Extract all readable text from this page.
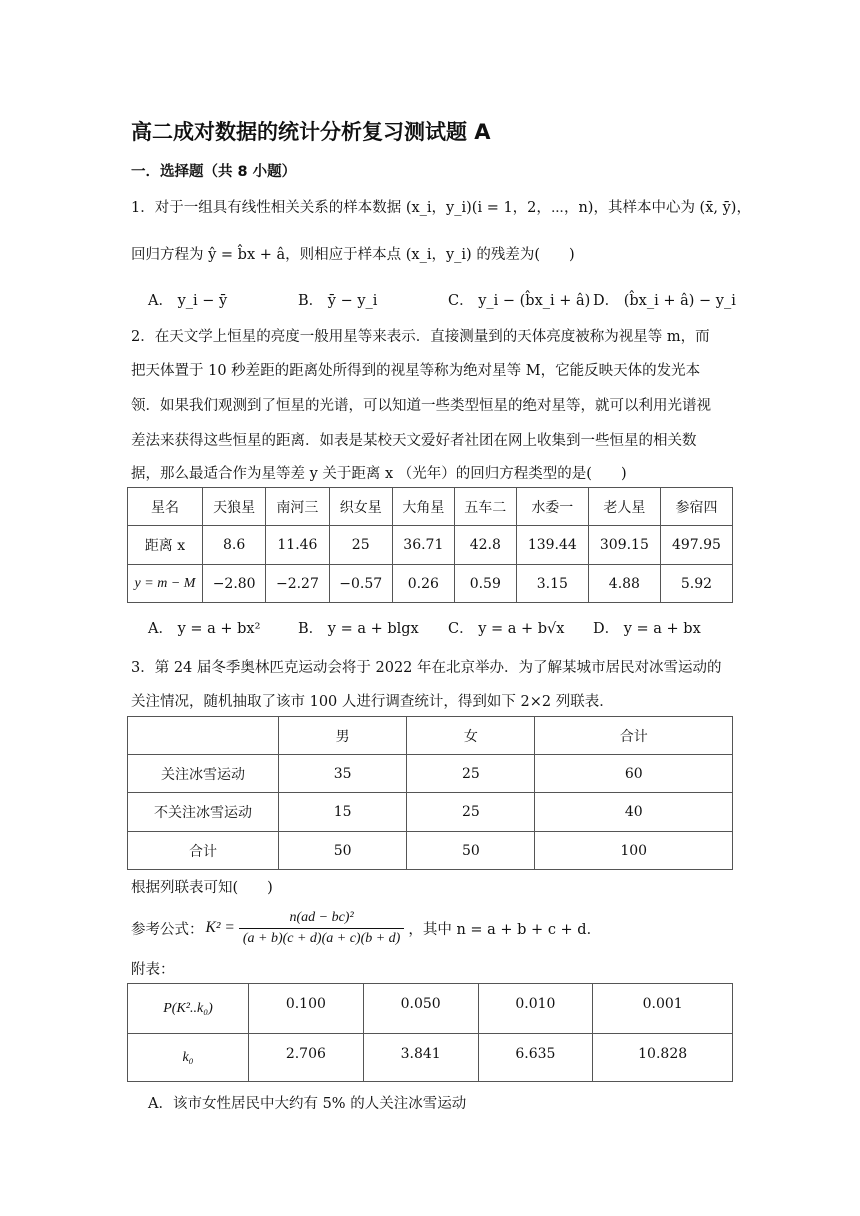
高二成对数据的统计分析复习测试题 A
一．选择题（共 8 小题）
1．对于一组具有线性相关关系的样本数据 (x_i，y_i)(i = 1，2，⋯，n)，其样本中心为 (x̄, ȳ)，
回归方程为 ŷ = b̂x + â，则相应于样本点 (x_i，y_i) 的残差为(　　)
A． y_i − ȳ	B． ȳ − y_i	C． y_i − (b̂x_i + â) D． (b̂x_i + â) − y_i
2．在天文学上恒星的亮度一般用星等来表示．直接测量到的天体亮度被称为视星等 m，而
把天体置于 10 秒差距的距离处所得到的视星等称为绝对星等 M，它能反映天体的发光本
领．如果我们观测到了恒星的光谱，可以知道一些类型恒星的绝对星等，就可以利用光谱视
差法来获得这些恒星的距离．如表是某校天文爱好者社团在网上收集到一些恒星的相关数
据，那么最适合作为星等差 y 关于距离 x （光年）的回归方程类型的是(　　)
星名	天狼星	南河三	织女星	大角星	五车二	水委一	老人星	参宿四
距离 x	8.6	11.46	25	36.71	42.8	139.44	309.15	497.95
y = m − M	−2.80	−2.27	−0.57	0.26	0.59	3.15	4.88	5.92
A． y = a + bx²	B． y = a + blgx C． y = a + b√x D． y = a + bx
3．第 24 届冬季奥林匹克运动会将于 2022 年在北京举办．为了解某城市居民对冰雪运动的
关注情况，随机抽取了该市 100 人进行调查统计，得到如下 2×2 列联表．
	男	女	合计
关注冰雪运动	35	25	60
不关注冰雪运动	15	25	40
合计	50	50	100
根据列联表可知(　　)
参考公式： $K^2 = \frac{\text{n(ad − bc)²}}{(a + b)(c + d)(a + c)(b + d)}$ ，其中 n = a + b + c + d．
附表：
P(K²..k₀)	0.100	0.050	0.010	0.001
k₀	2.706	3.841	6.635	10.828
A．该市女性居民中大约有 5% 的人关注冰雪运动
